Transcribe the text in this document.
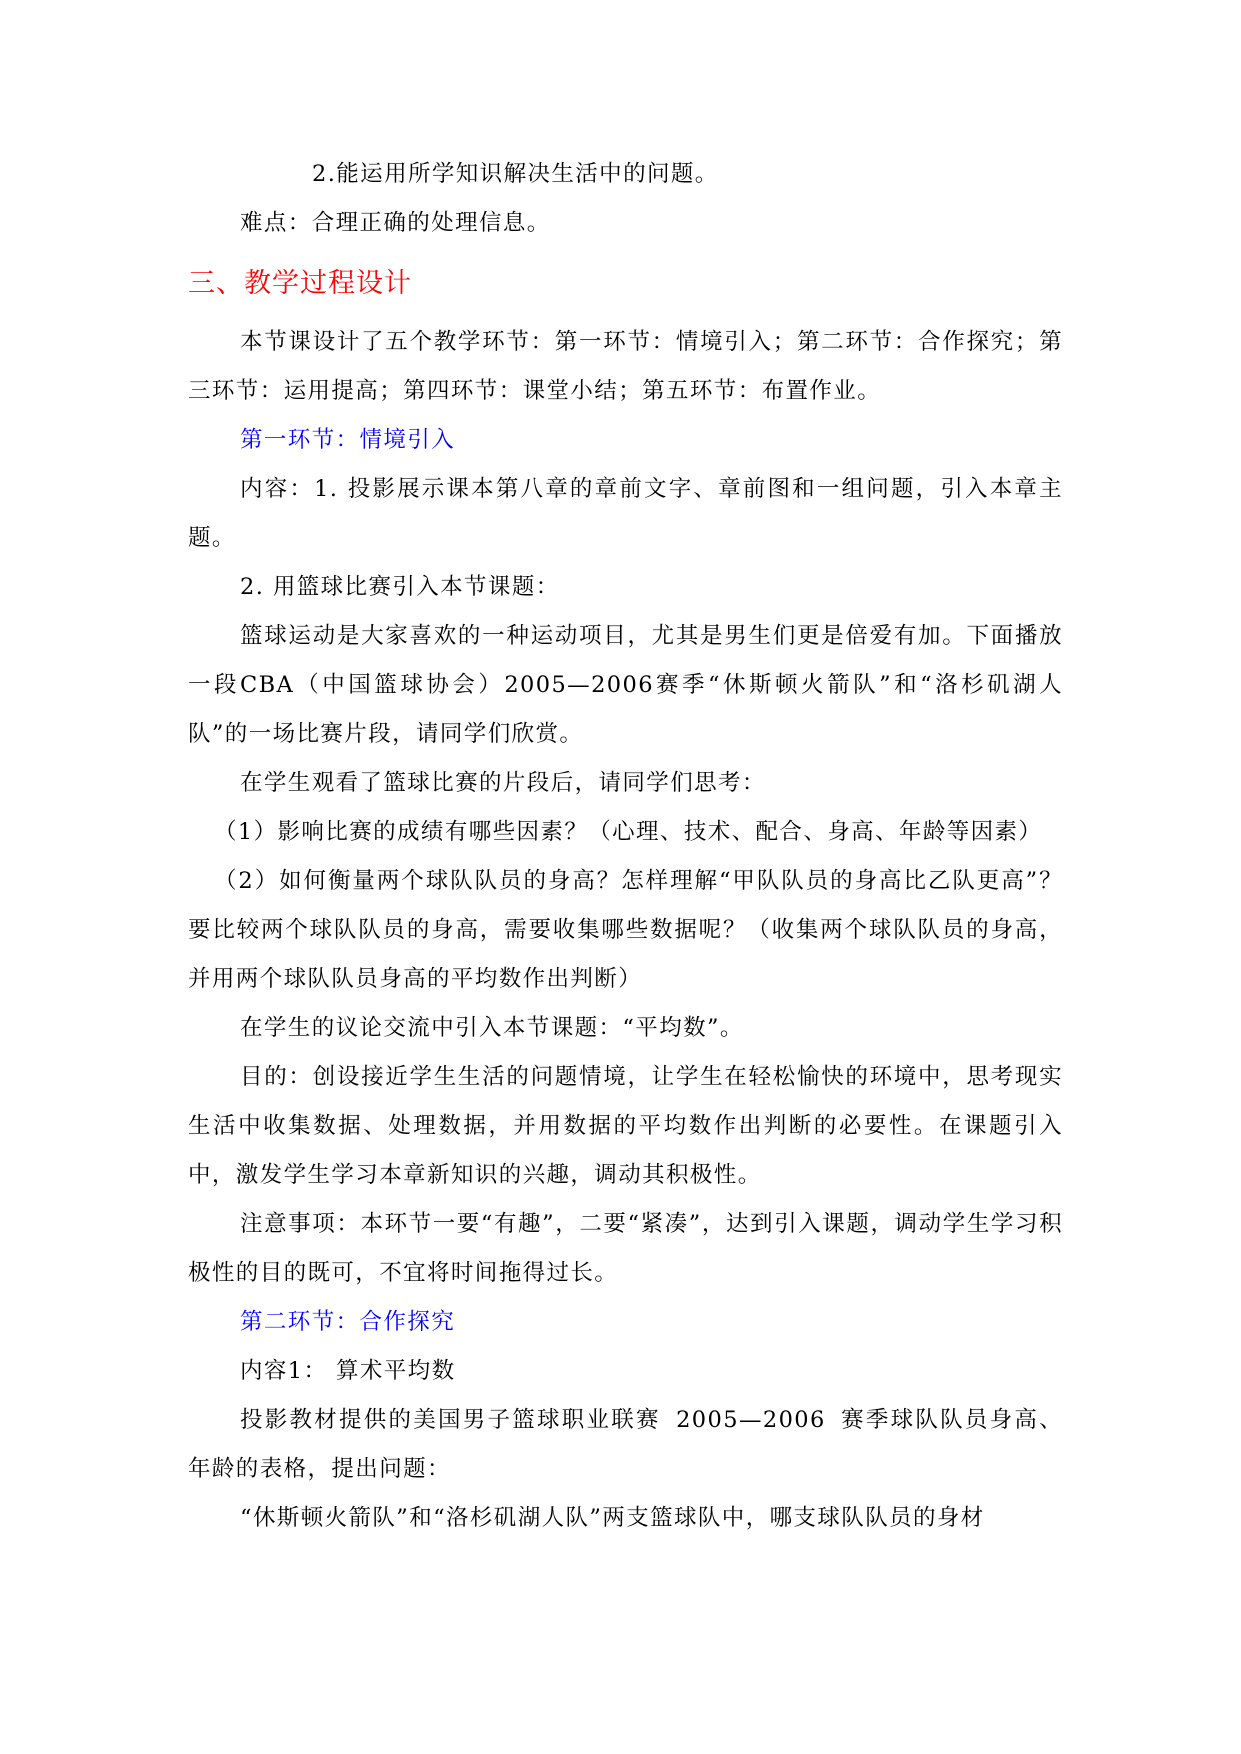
2.能运用所学知识解决生活中的问题。

难点：合理正确的处理信息。

三、教学过程设计

本节课设计了五个教学环节：第一环节：情境引入；第二环节：合作探究；第三环节：运用提高；第四环节：课堂小结；第五环节：布置作业。

第一环节：情境引入

内容：1. 投影展示课本第八章的章前文字、章前图和一组问题，引入本章主题。

2. 用篮球比赛引入本节课题：

篮球运动是大家喜欢的一种运动项目，尤其是男生们更是倍爱有加。下面播放一段CBA（中国篮球协会）2005—2006赛季“休斯顿火箭队”和“洛杉矶湖人队”的一场比赛片段，请同学们欣赏。

在学生观看了篮球比赛的片段后，请同学们思考：

（1）影响比赛的成绩有哪些因素？（心理、技术、配合、身高、年龄等因素）

（2）如何衡量两个球队队员的身高？怎样理解“甲队队员的身高比乙队更高”？ 要比较两个球队队员的身高，需要收集哪些数据呢？（收集两个球队队员的身高，并用两个球队队员身高的平均数作出判断）

在学生的议论交流中引入本节课题：“平均数”。

目的：创设接近学生生活的问题情境，让学生在轻松愉快的环境中，思考现实生活中收集数据、处理数据，并用数据的平均数作出判断的必要性。在课题引入中，激发学生学习本章新知识的兴趣，调动其积极性。

注意事项：本环节一要“有趣”，二要“紧凑”，达到引入课题，调动学生学习积极性的目的既可，不宜将时间拖得过长。

第二环节：合作探究

内容1： 算术平均数

投影教材提供的美国男子篮球职业联赛 2005—2006 赛季球队队员身高、年龄的表格，提出问题：

“休斯顿火箭队”和“洛杉矶湖人队”两支篮球队中，哪支球队队员的身材
